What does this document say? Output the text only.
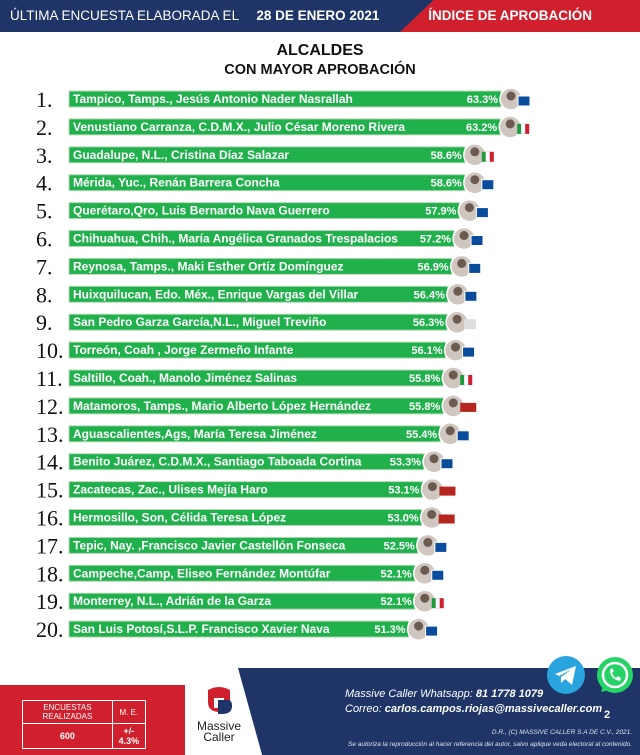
ÚLTIMA ENCUESTA ELABORADA EL 28 DE ENERO 2021	ÍNDICE DE APROBACIÓN
ALCALDES
CON MAYOR APROBACIÓN
1. Tampico, Tamps., Jesús Antonio Nader Nasrallah	63.3%
2. Venustiano Carranza, C.D.M.X., Julio César Moreno Rivera	63.2%
3. Guadalupe, N.L., Cristina Díaz Salazar	58.6%
4. Mérida, Yuc., Renán Barrera Concha	58.6%
5. Querétaro,Qro, Luis Bernardo Nava Guerrero	57.9%
6. Chihuahua, Chih., María Angélica Granados Trespalacios 57.2%
7. Reynosa, Tamps., Maki Esther Ortíz Domínguez	56.9%
8. Huixquilucan, Edo. Méx., Enrique Vargas del Villar	56.4%
9. San Pedro Garza García,N.L., Miguel Treviño	56.3%
10. Torreón, Coah , Jorge Zermeño Infante	56.1%
11. Saltillo, Coah., Manolo Jiménez Salinas	55.8%
12. Matamoros, Tamps., Mario Alberto López Hernández	55.8%
13. Aguascalientes,Ags, María Teresa Jiménez	55.4%
14. Benito Juárez, C.D.M.X., Santiago Taboada Cortina	53.3%
15. Zacatecas, Zac., Ulises Mejía Haro	53.1%
16. Hermosillo, Son, Célida Teresa López	53.0%
17. Tepic, Nay. ,Francisco Javier Castellón Fonseca	52.5%
18. Campeche,Camp, Eliseo Fernández Montúfar	52.1%
19. Monterrey, N.L., Adrián de la Garza	52.1%
20. San Luis Potosí,S.L.P. Francisco Xavier Nava	51.3%
ENCUESTAS REALIZADAS	M. E.
600	+/- 4.3%
Massive
Caller
Massive Caller Whatsapp: 81 1778 1079
Correo: carlos.campos.riojas@massivecaller.com 2
D.R., (C) MASSIVE CALLER S.A DE C.V., 2021.
Se autoriza la reproducción al hacer referencia del autor, salvo aplique veda electoral al contenido.
